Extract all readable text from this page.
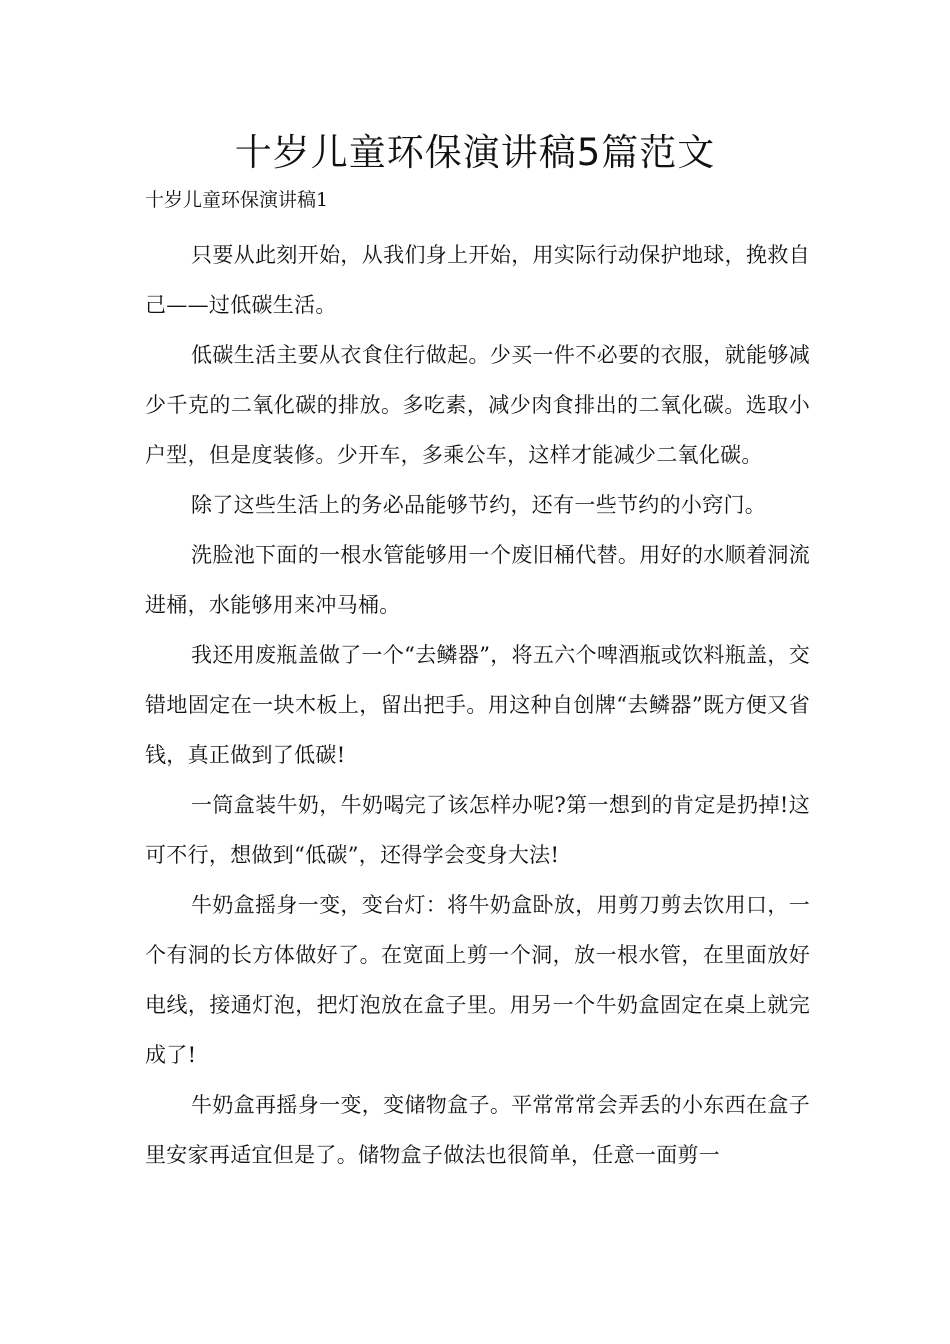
十岁儿童环保演讲稿5篇范文

十岁儿童环保演讲稿1

只要从此刻开始，从我们身上开始，用实际行动保护地球，挽救自己——过低碳生活。

低碳生活主要从衣食住行做起。少买一件不必要的衣服，就能够减少千克的二氧化碳的排放。多吃素，减少肉食排出的二氧化碳。选取小户型，但是度装修。少开车，多乘公车，这样才能减少二氧化碳。

除了这些生活上的务必品能够节约，还有一些节约的小窍门。

洗脸池下面的一根水管能够用一个废旧桶代替。用好的水顺着洞流进桶，水能够用来冲马桶。

我还用废瓶盖做了一个“去鳞器”，将五六个啤酒瓶或饮料瓶盖，交错地固定在一块木板上，留出把手。用这种自创牌“去鳞器”既方便又省钱，真正做到了低碳!

一筒盒装牛奶，牛奶喝完了该怎样办呢?第一想到的肯定是扔掉!这可不行，想做到“低碳”，还得学会变身大法!

牛奶盒摇身一变，变台灯：将牛奶盒卧放，用剪刀剪去饮用口，一个有洞的长方体做好了。在宽面上剪一个洞，放一根水管，在里面放好电线，接通灯泡，把灯泡放在盒子里。用另一个牛奶盒固定在桌上就完成了!

牛奶盒再摇身一变，变储物盒子。平常常常会弄丢的小东西在盒子里安家再适宜但是了。储物盒子做法也很简单，任意一面剪一
